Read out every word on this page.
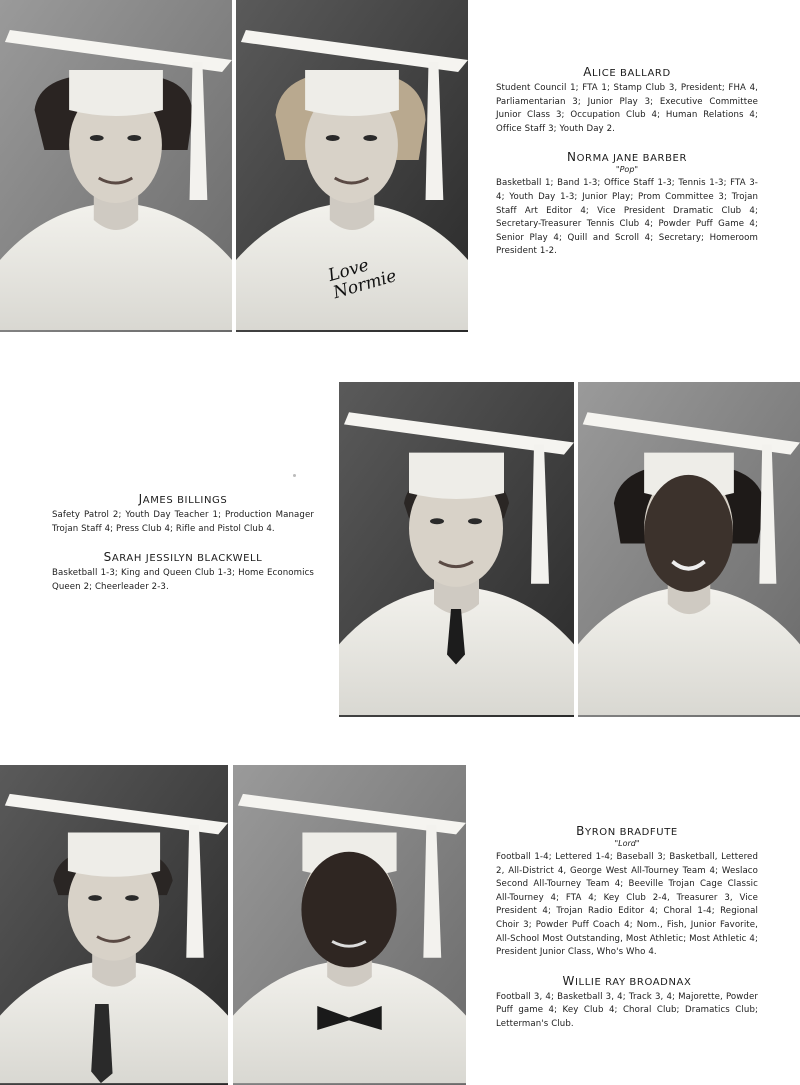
Love
Normie

ALICE BALLARD

Student Council 1; FTA 1; Stamp Club 3, President; FHA 4, Parliamentarian 3; Junior Play 3; Executive Committee Junior Class 3; Occupation Club 4; Human Relations 4; Office Staff 3; Youth Day 2.

NORMA JANE BARBER

"Pop"

Basketball 1; Band 1-3; Office Staff 1-3; Tennis 1-3; FTA 3-4; Youth Day 1-3; Junior Play; Prom Committee 3; Trojan Staff Art Editor 4; Vice President Dramatic Club 4; Secretary-Treasurer Tennis Club 4; Powder Puff Game 4; Senior Play 4; Quill and Scroll 4; Secretary; Homeroom President 1-2.

JAMES BILLINGS

Safety Patrol 2; Youth Day Teacher 1; Production Manager Trojan Staff 4; Press Club 4; Rifle and Pistol Club 4.

SARAH JESSILYN BLACKWELL

Basketball 1-3; King and Queen Club 1-3; Home Economics Queen 2; Cheerleader 2-3.

BYRON BRADFUTE

"Lord"

Football 1-4; Lettered 1-4; Baseball 3; Basketball, Lettered 2, All-District 4, George West All-Tourney Team 4; Weslaco Second All-Tourney Team 4; Beeville Trojan Cage Classic All-Tourney 4; FTA 4; Key Club 2-4, Treasurer 3, Vice President 4; Trojan Radio Editor 4; Choral 1-4; Regional Choir 3; Powder Puff Coach 4; Nom., Fish, Junior Favorite, All-School Most Outstanding, Most Athletic; Most Athletic 4; President Junior Class, Who's Who 4.

WILLIE RAY BROADNAX

Football 3, 4; Basketball 3, 4; Track 3, 4; Majorette, Powder Puff game 4; Key Club 4; Choral Club; Dramatics Club; Letterman's Club.
